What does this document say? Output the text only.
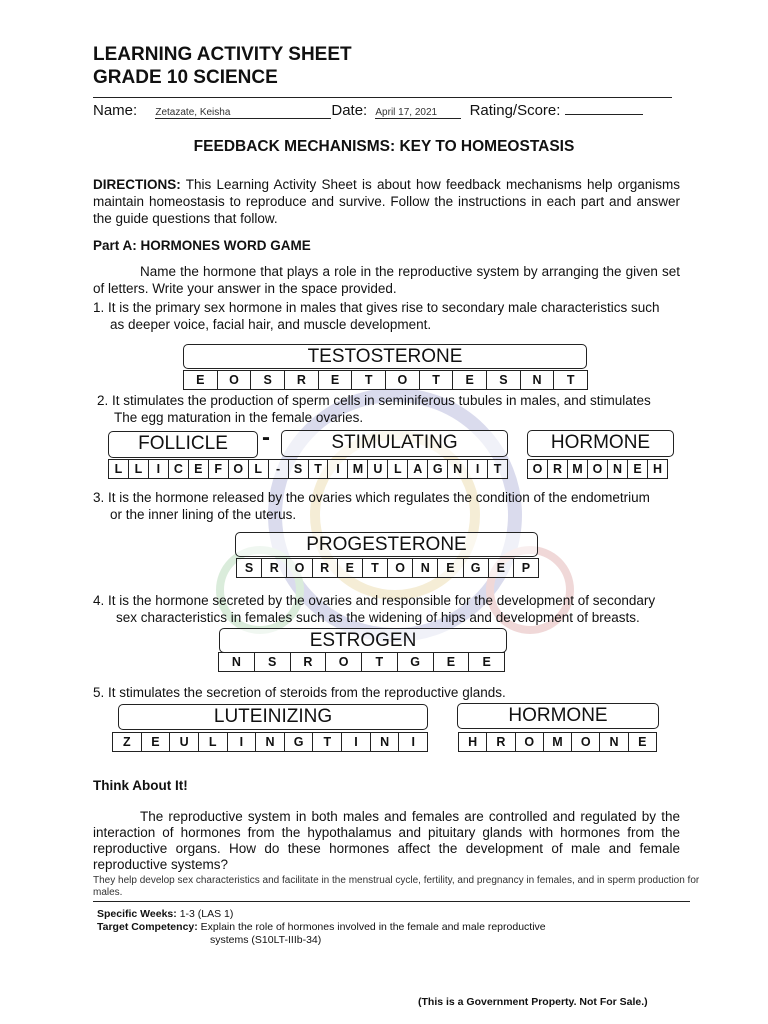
LEARNING ACTIVITY SHEET
GRADE 10 SCIENCE
Name: Zetazate, Keisha	Date: April 17, 2021 Rating/Score:
FEEDBACK MECHANISMS: KEY TO HOMEOSTASIS
DIRECTIONS: This Learning Activity Sheet is about how feedback mechanisms help organisms maintain homeostasis to reproduce and survive. Follow the instructions in each part and answer the guide questions that follow.
Part A: HORMONES WORD GAME
Name the hormone that plays a role in the reproductive system by arranging the given set of letters. Write your answer in the space provided.
1. It is the primary sex hormone in males that gives rise to secondary male characteristics such
as deeper voice, facial hair, and muscle development.
TESTOSTERONE
E	O	S	R	E	T	O	T	E	S	N	T
2. It stimulates the production of sperm cells in seminiferous tubules in males, and stimulates
The egg maturation in the female ovaries.
FOLLICLE	-	STIMULATING	HORMONE
L L	I	C E F O L	-	S T	I	M U L A G N	I	T	O R M O N E H
3. It is the hormone released by the ovaries which regulates the condition of the endometrium
or the inner lining of the uterus.
PROGESTERONE
S	R	O	R	E	T	O	N	E	G	E	P
4. It is the hormone secreted by the ovaries and responsible for the development of secondary
sex characteristics in females such as the widening of hips and development of breasts.
ESTROGEN
N	S	R	O	T	G	E	E
5. It stimulates the secretion of steroids from the reproductive glands.
LUTEINIZING	HORMONE
Z	E	U	L	I	N	G	T	I	N	I	H	R	O	M	O	N	E
Think About It!
The reproductive system in both males and females are controlled and regulated by the interaction of hormones from the hypothalamus and pituitary glands with hormones from the reproductive organs. How do these hormones affect the development of male and female reproductive systems?
They help develop sex characteristics and facilitate in the menstrual cycle, fertility, and pregnancy in females, and in sperm production for males.
Specific Weeks: 1-3 (LAS 1)
Target Competency: Explain the role of hormones involved in the female and male reproductive
systems (S10LT-IIIb-34)
(This is a Government Property. Not For Sale.)
